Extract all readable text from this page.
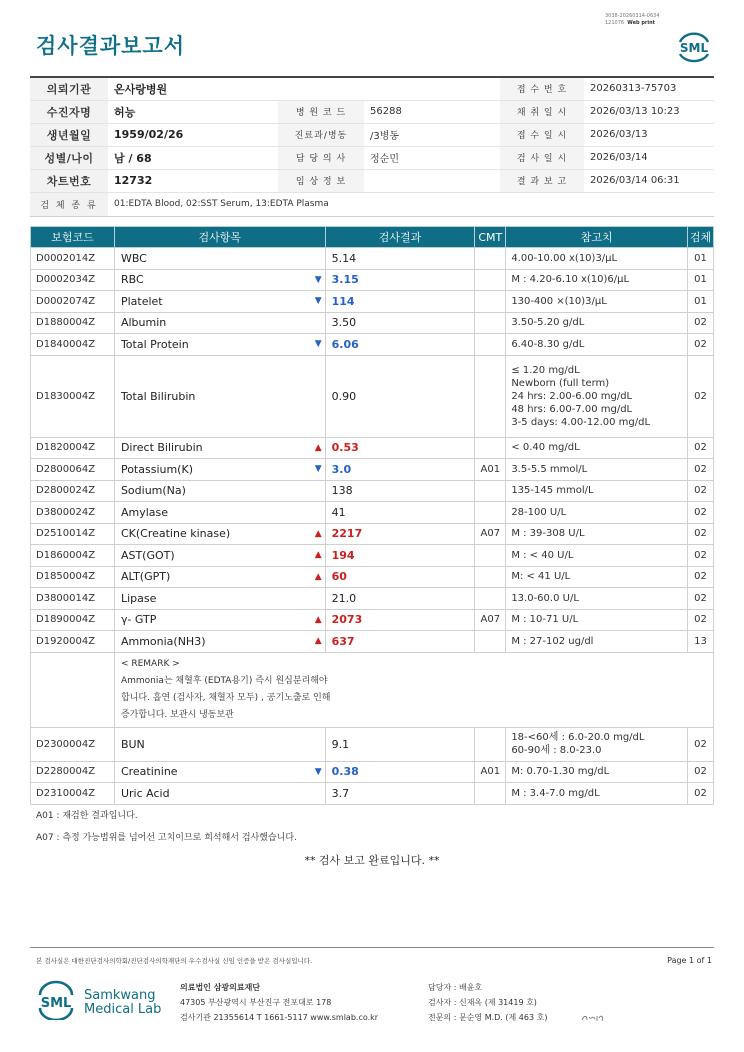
검사결과보고서
3038-20260314-0634
121076 Web print
SML
의뢰기관	온사랑병원			접 수 번 호	20260313-75703
수진자명	허능	병 원 코 드	56288	채 취 일 시	2026/03/13 10:23
생년월일	1959/02/26	진료과/병동	/3병동	접 수 일 시	2026/03/13
성별/나이	남 / 68	담 당 의 사	정순민	검 사 일 시	2026/03/14
차트번호	12732	임 상 정 보		결 과 보 고	2026/03/14 06:31
검 체 종 류	01:EDTA Blood, 02:SST Serum, 13:EDTA Plasma				
보험코드	검사항목	검사결과	CMT	참고치	검체
D0002014Z	WBC	5.14		4.00-10.00 x(10)3/μL	01
D0002034Z	RBC ▼	3.15		M : 4.20-6.10 x(10)6/μL	01
D0002074Z	Platelet ▼	114		130-400 ×(10)3/μL	01
D1880004Z	Albumin	3.50		3.50-5.20 g/dL	02
D1840004Z	Total Protein ▼	6.06		6.40-8.30 g/dL	02
D1830004Z	Total Bilirubin	0.90		≤ 1.20 mg/dL
Newborn (full term)
24 hrs: 2.00-6.00 mg/dL
48 hrs: 6.00-7.00 mg/dL
3-5 days: 4.00-12.00 mg/dL	02
D1820004Z	Direct Bilirubin ▲	0.53		< 0.40 mg/dL	02
D2800064Z	Potassium(K) ▼	3.0	A01	3.5-5.5 mmol/L	02
D2800024Z	Sodium(Na)	138		135-145 mmol/L	02
D3800024Z	Amylase	41		28-100 U/L	02
D2510014Z	CK(Creatine kinase) ▲	2217	A07	M : 39-308 U/L	02
D1860004Z	AST(GOT) ▲	194		M : < 40 U/L	02
D1850004Z	ALT(GPT) ▲	60		M: < 41 U/L	02
D3800014Z	Lipase	21.0		13.0-60.0 U/L	02
D1890004Z	γ- GTP ▲	2073	A07	M : 10-71 U/L	02
D1920004Z	Ammonia(NH3) ▲	637		M : 27-102 ug/dl	13

	< REMARK >
Ammonia는 채혈후 (EDTA용기) 즉시 원심분리해야
합니다. 흡연 (검사자, 채혈자 모두) , 공기노출로 인해
증가합니다. 보관시 냉동보관				

D2300004Z	BUN	9.1		18-<60세 : 6.0-20.0 mg/dL
60-90세 : 8.0-23.0	02
D2280004Z	Creatinine ▼	0.38	A01	M: 0.70-1.30 mg/dL	02
D2310004Z	Uric Acid	3.7		M : 3.4-7.0 mg/dL	02
A01 : 재검한 결과입니다.
A07 : 측정 가능범위를 넘어선 고치이므로 희석해서 검사했습니다.
** 검사 보고 완료입니다. **
본 검사실은 대한진단검사의학회/진단검사의학재단의 우수검사실 신임 인증을 받은 검사실입니다.	Page 1 of 1
SML
Samkwang
Medical Lab
의료법인 삼광의료재단
47305 부산광역시 부산진구 전포대로 178
검사기관 21355614 T 1661-5117 www.smlab.co.kr
담당자 : 배윤호
검사자 : 신재옥 (제 31419 호)
전문의 : 문순영 M.D. (제 463 호)
